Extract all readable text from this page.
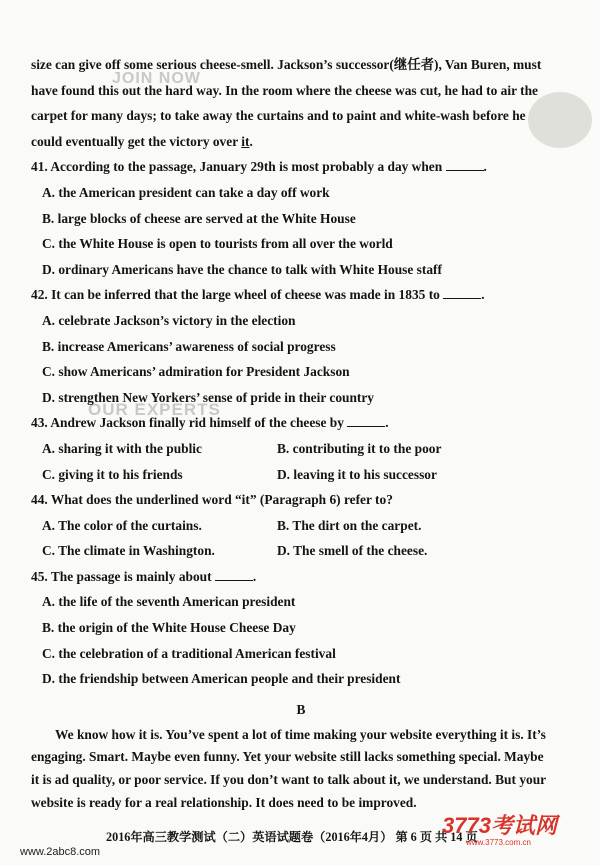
JOIN NOW
OUR EXPERTS
size can give off some serious cheese-smell. Jackson’s successor(继任者), Van Buren, must
have found this out the hard way. In the room where the cheese was cut, he had to air the
carpet for many days; to take away the curtains and to paint and white-wash before he
could eventually get the victory over it.
41. According to the passage, January 29th is most probably a day when	.
A. the American president can take a day off work
B. large blocks of cheese are served at the White House
C. the White House is open to tourists from all over the world
D. ordinary Americans have the chance to talk with White House staff
42. It can be inferred that the large wheel of cheese was made in 1835 to	.
A. celebrate Jackson’s victory in the election
B. increase Americans’ awareness of social progress
C. show Americans’ admiration for President Jackson
D. strengthen New Yorkers’ sense of pride in their country
43. Andrew Jackson finally rid himself of the cheese by	.
A. sharing it with the public	B. contributing it to the poor
C. giving it to his friends	D. leaving it to his successor
44. What does the underlined word “it” (Paragraph 6) refer to?
A. The color of the curtains.	B. The dirt on the carpet.
C. The climate in Washington.	D. The smell of the cheese.
45. The passage is mainly about	.
A. the life of the seventh American president
B. the origin of the White House Cheese Day
C. the celebration of a traditional American festival
D. the friendship between American people and their president
B
We know how it is. You’ve spent a lot of time making your website everything it is. It’s
engaging. Smart. Maybe even funny. Yet your website still lacks something special. Maybe
it is ad quality, or poor service. If you don’t want to talk about it, we understand. But your
website is ready for a real relationship. It does need to be improved.
2016年高三教学测试（二）英语试题卷（2016年4月） 第 6 页 共 14 页
www.2abc8.com
3773考试网
www.3773.com.cn
